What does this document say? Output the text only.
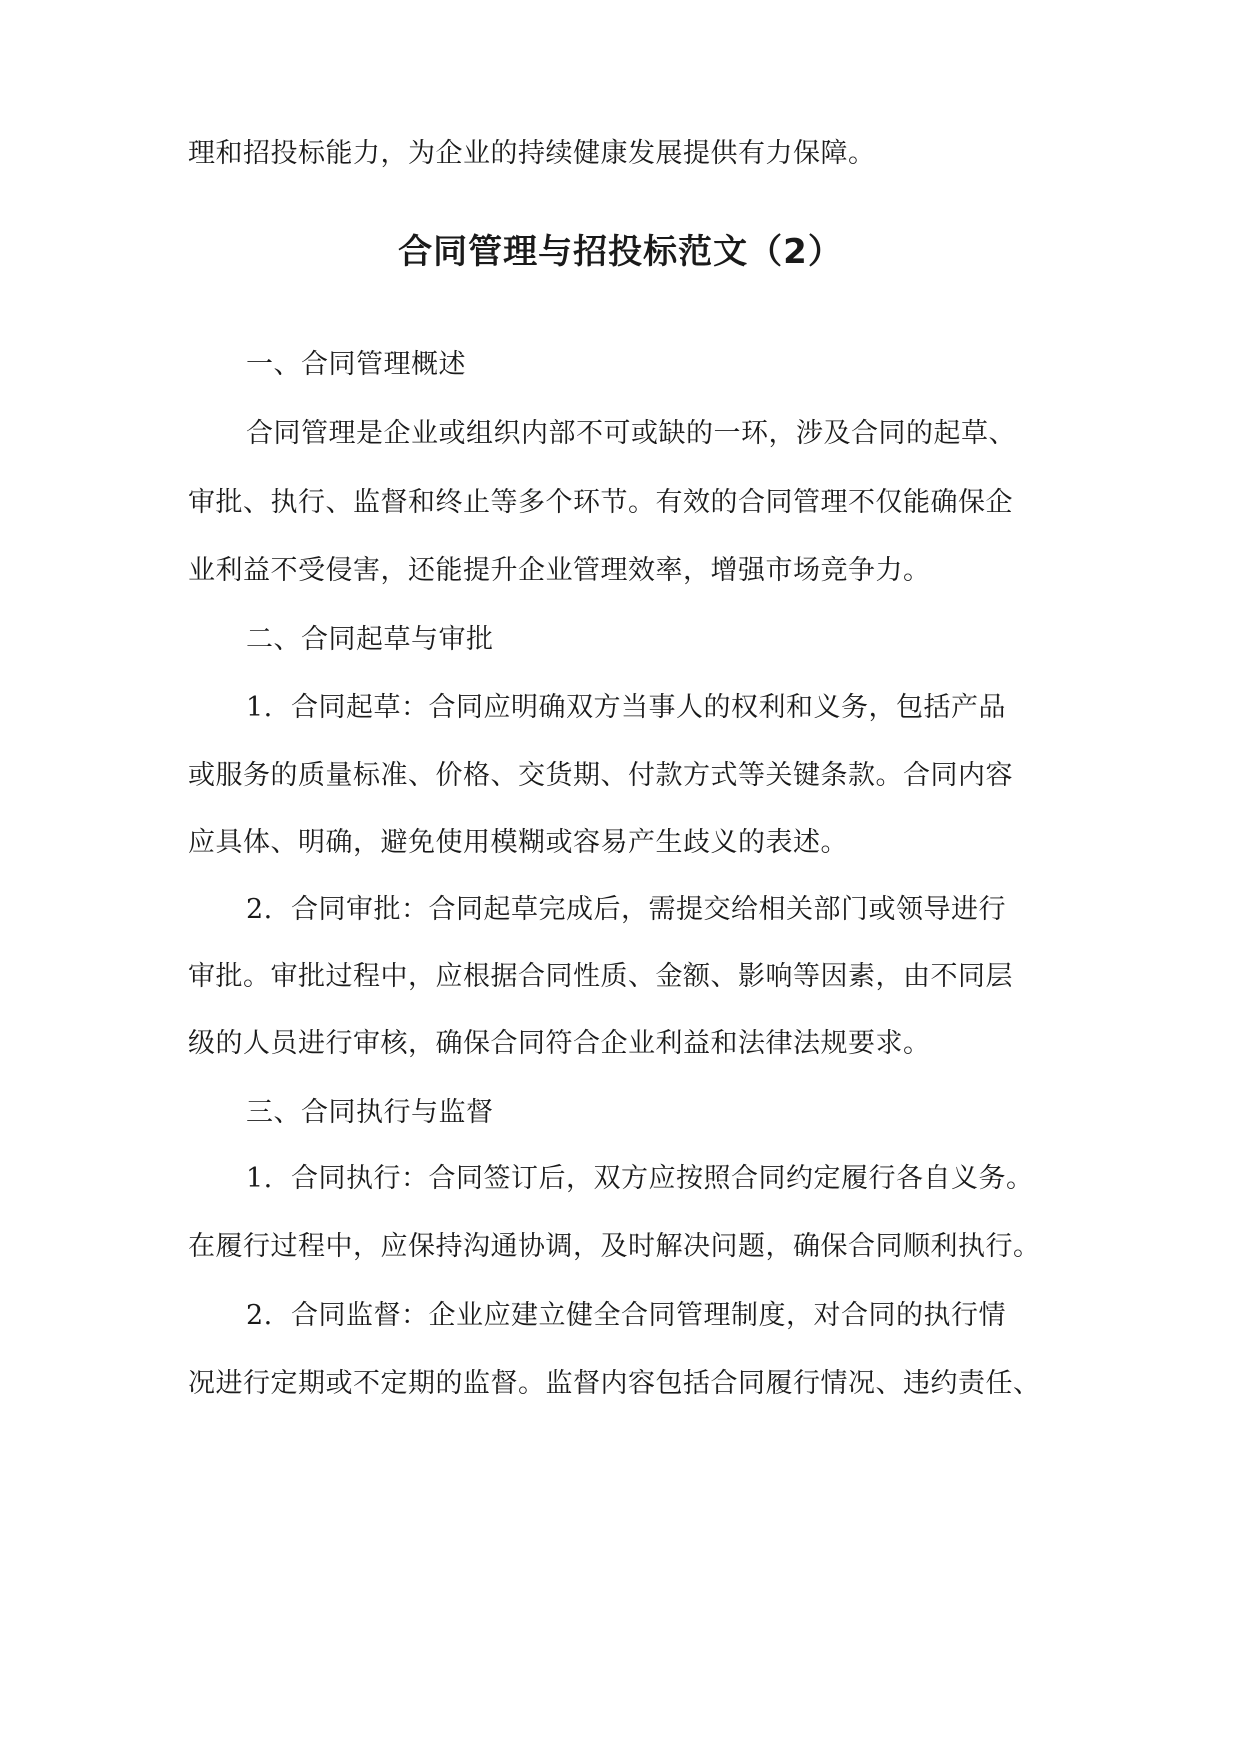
理和招投标能力，为企业的持续健康发展提供有力保障。
合同管理与招投标范文（2）
一、合同管理概述
合同管理是企业或组织内部不可或缺的一环，涉及合同的起草、
审批、执行、监督和终止等多个环节。有效的合同管理不仅能确保企
业利益不受侵害，还能提升企业管理效率，增强市场竞争力。
二、合同起草与审批
1. 合同起草：合同应明确双方当事人的权利和义务，包括产品
或服务的质量标准、价格、交货期、付款方式等关键条款。合同内容
应具体、明确，避免使用模糊或容易产生歧义的表述。
2. 合同审批：合同起草完成后，需提交给相关部门或领导进行
审批。审批过程中，应根据合同性质、金额、影响等因素，由不同层
级的人员进行审核，确保合同符合企业利益和法律法规要求。
三、合同执行与监督
1. 合同执行：合同签订后，双方应按照合同约定履行各自义务。
在履行过程中，应保持沟通协调，及时解决问题，确保合同顺利执行。
2. 合同监督：企业应建立健全合同管理制度，对合同的执行情
况进行定期或不定期的监督。监督内容包括合同履行情况、违约责任、
